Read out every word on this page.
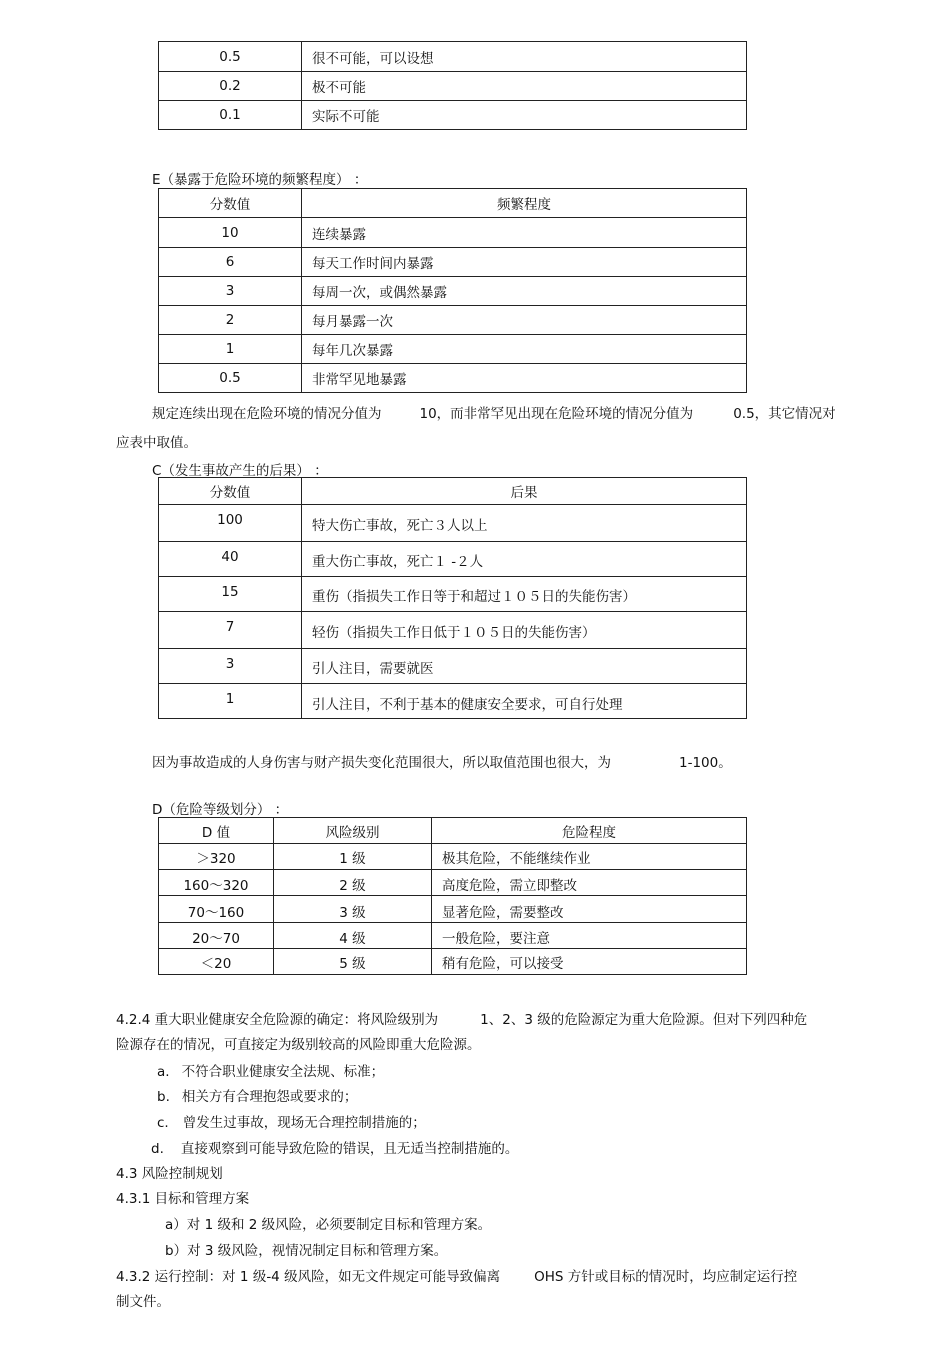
0.5	很不可能，可以设想
0.2	极不可能
0.1	实际不可能
E（暴露于危险环境的频繁程度） ：
分数值	频繁程度
10	连续暴露
6	每天工作时间内暴露
3	每周一次，或偶然暴露
2	每月暴露一次
1	每年几次暴露
0.5	非常罕见地暴露
规定连续出现在危险环境的情况分值为	10，而非常罕见出现在危险环境的情况分值为	0.5，其它情况对
应表中取值。
C（发生事故产生的后果） ：
分数值	后果
100	特大伤亡事故，死亡３人以上
40	重大伤亡事故，死亡１ -２人
15	重伤（指损失工作日等于和超过１０５日的失能伤害）
7	轻伤（指损失工作日低于１０５日的失能伤害）
3	引人注目，需要就医
1	引人注目，不利于基本的健康安全要求，可自行处理
因为事故造成的人身伤害与财产损失变化范围很大，所以取值范围也很大，为	1-100。
D（危险等级划分） ：
D 值	风险级别	危险程度
＞320	1 级	极其危险，不能继续作业
160～320	2 级	高度危险，需立即整改
70～160	3 级	显著危险，需要整改
20～70	4 级	一般危险，要注意
＜20	5 级	稍有危险，可以接受
4.2.4 重大职业健康安全危险源的确定：将风险级别为	1、2、3 级的危险源定为重大危险源。但对下列四种危
险源存在的情况，可直接定为级别较高的风险即重大危险源。
a. 不符合职业健康安全法规、标准；
b. 相关方有合理抱怨或要求的；
c. 曾发生过事故，现场无合理控制措施的；
d. 直接观察到可能导致危险的错误，且无适当控制措施的。
4.3 风险控制规划
4.3.1 目标和管理方案
a）对 1 级和 2 级风险，必须要制定目标和管理方案。
b）对 3 级风险，视情况制定目标和管理方案。
4.3.2 运行控制：对 1 级-4 级风险，如无文件规定可能导致偏离	OHS 方针或目标的情况时，均应制定运行控
制文件。
